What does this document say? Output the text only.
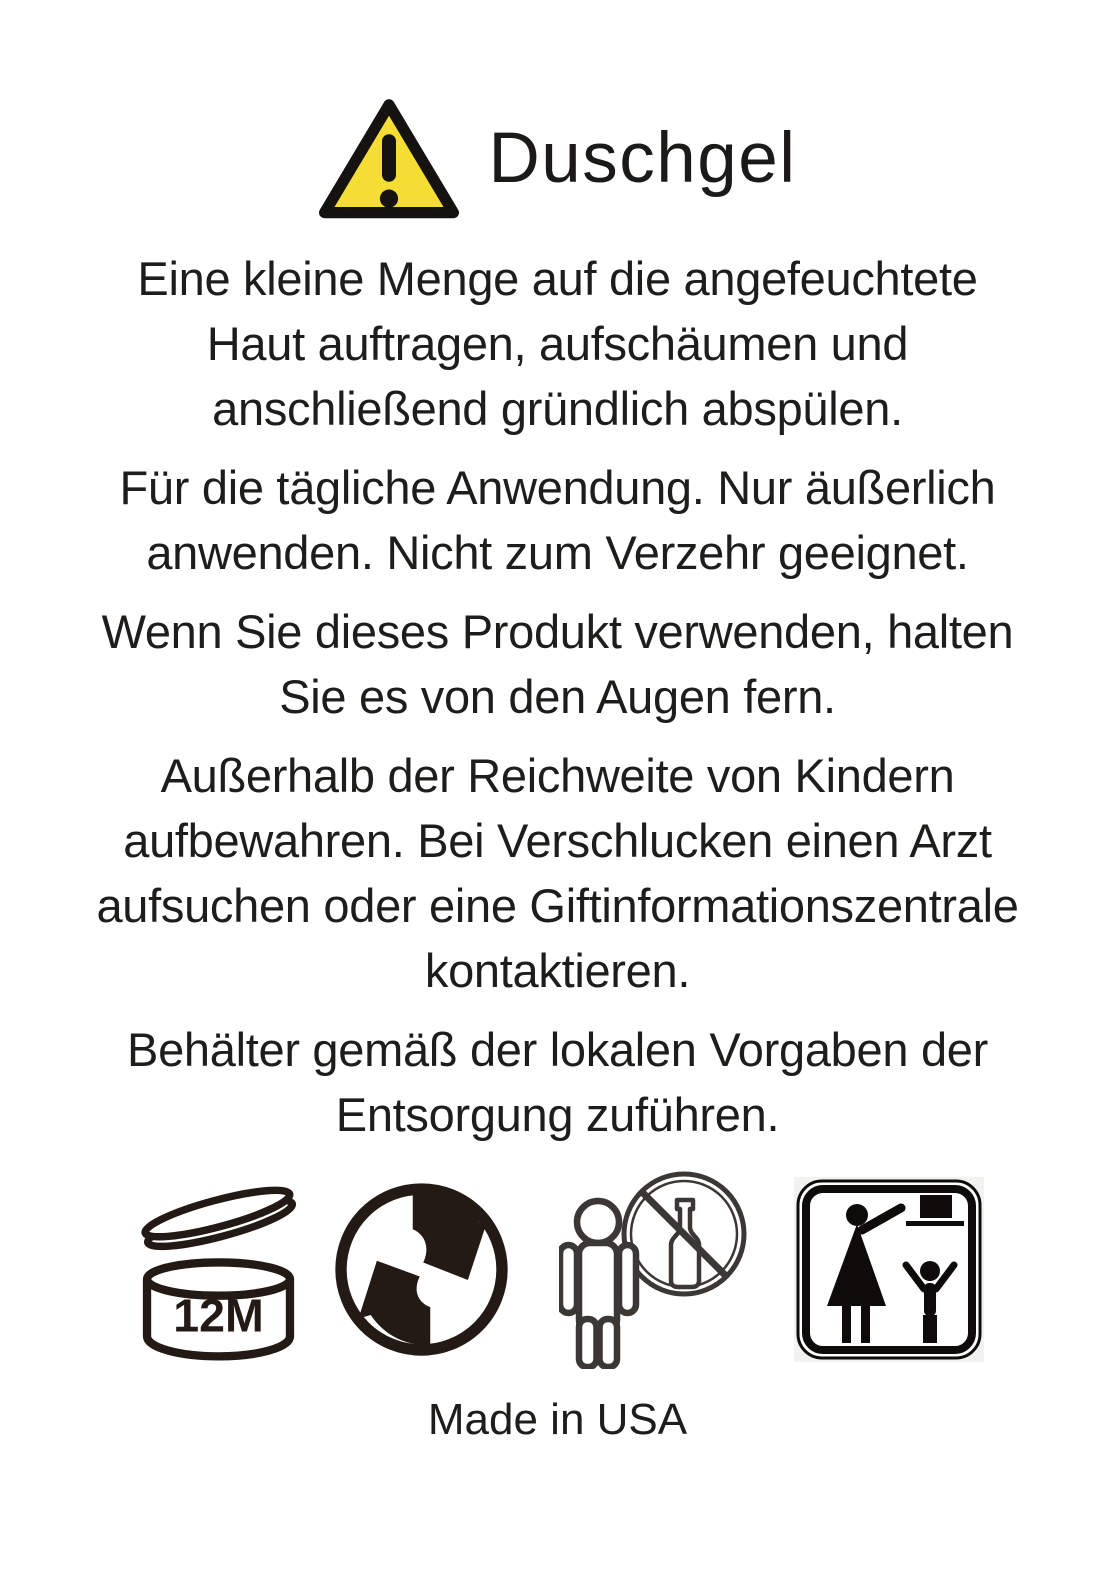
Duschgel

Eine kleine Menge auf die angefeuchtete
Haut auftragen, aufschäumen und
anschließend gründlich abspülen.

Für die tägliche Anwendung. Nur äußerlich
anwenden. Nicht zum Verzehr geeignet.

Wenn Sie dieses Produkt verwenden, halten
Sie es von den Augen fern.

Außerhalb der Reichweite von Kindern
aufbewahren. Bei Verschlucken einen Arzt
aufsuchen oder eine Giftinformationszentrale
kontaktieren.

Behälter gemäß der lokalen Vorgaben der
Entsorgung zuführen.

12M
Made in USA
